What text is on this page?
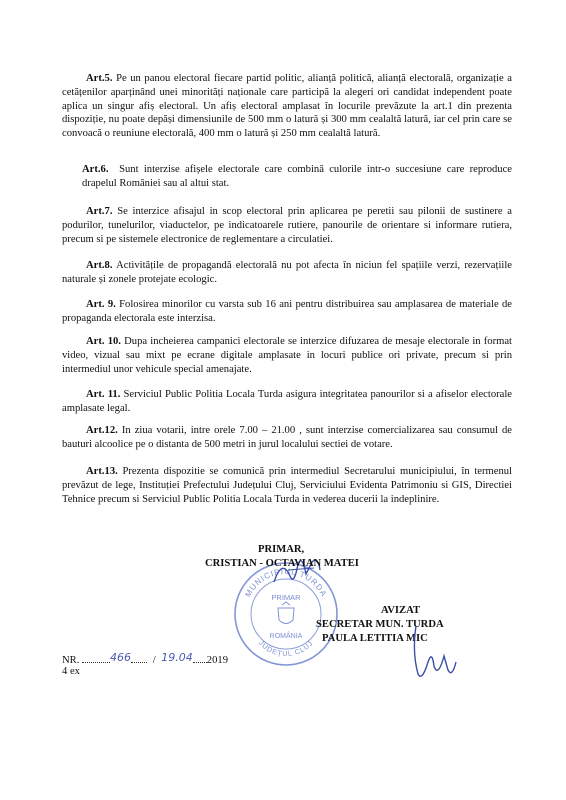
Art.5. Pe un panou electoral fiecare partid politic, alianță politică, alianță electorală, organizație a cetățenilor aparținând unei minorități naționale care participă la alegeri ori candidat independent poate aplica un singur afiș electoral. Un afiș electoral amplasat în locurile prevăzute la art.1 din prezenta dispoziție, nu poate depăși dimensiunile de 500 mm o latură și 300 mm cealaltă latură, iar cel prin care se convoacă o reuniune electorală, 400 mm o latură și 250 mm cealaltă latură.

Art.6. Sunt interzise afișele electorale care combină culorile intr-o succesiune care reproduce drapelul României sau al altui stat.

Art.7. Se interzice afisajul in scop electoral prin aplicarea pe peretii sau pilonii de sustinere a podurilor, tunelurilor, viaductelor, pe indicatoarele rutiere, panourile de orientare si informare rutiera, precum si pe sistemele electronice de reglementare a circulatiei.

Art.8. Activitățile de propagandă electorală nu pot afecta în niciun fel spațiile verzi, rezervațiile naturale și zonele protejate ecologic.

Art. 9. Folosirea minorilor cu varsta sub 16 ani pentru distribuirea sau amplasarea de materiale de propaganda electorala este interzisa.

Art. 10. Dupa incheierea campanici electorale se interzice difuzarea de mesaje electorale in format video, vizual sau mixt pe ecrane digitale amplasate in locuri publice ori private, precum si prin intermediul unor vehicule special amenajate.

Art. 11. Serviciul Public Politia Locala Turda asigura integritatea panourilor si a afiselor electorale amplasate legal.

Art.12. In ziua votarii, intre orele 7.00 – 21.00 , sunt interzise comercializarea sau consumul de bauturi alcoolice pe o distanta de 500 metri in jurul localului sectiei de votare.

Art.13. Prezenta dispozitie se comunică prin intermediul Secretarului municipiului, în termenul prevăzut de lege, Instituției Prefectului Județului Cluj, Serviciului Evidenta Patrimoniu si GIS, Directiei Tehnice precum si Serviciul Public Politia Locala Turda in vederea ducerii la indeplinire.

MUNICIPIUL TURDA
JUDEȚUL CLUJ
PRIMAR
ROMÂNIA
PRIMAR,
CRISTIAN - OCTAVIAN MATEI
AVIZAT
SECRETAR MUN. TURDA
PAULA LETITIA MIC
NR.	466 / 19.04 2019
4 ex
